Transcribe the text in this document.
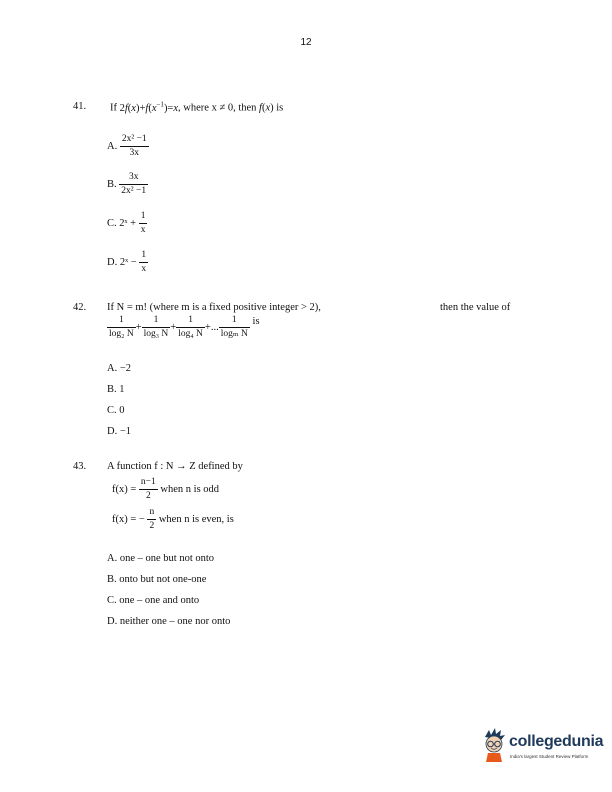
12
41. If $2f(x)+f(x^{-1})=x$, where x ≠ 0, then f(x) is
A. $\frac{\text{2x² −1}}{3x}$
B. $\frac{3x}{\text{2x² −1}}$
C. 2ˣ + $\frac{1}{x}$
D. 2ˣ − $\frac{1}{x}$
42. If N = m! (where m is a fixed positive integer > 2),	then the value of
$\frac{1}{\text{log₂ N}} + \frac{1}{\text{log₃ N}} + \frac{1}{\text{log₄ N}}$ +... $\frac{1}{\text{logₘ N}}$ is
A. −2
B. 1
C. 0
D. −1
43. A function f : N → Z defined by
$f(x) = \frac{n-1}{2}$ when n is odd
f(x) = − $\frac{n}{2}$ when n is even, is
A. one – one but not onto
B. onto but not one-one
C. one – one and onto
D. neither one – one nor onto
collegedunia
India's largest Student Review Platform
